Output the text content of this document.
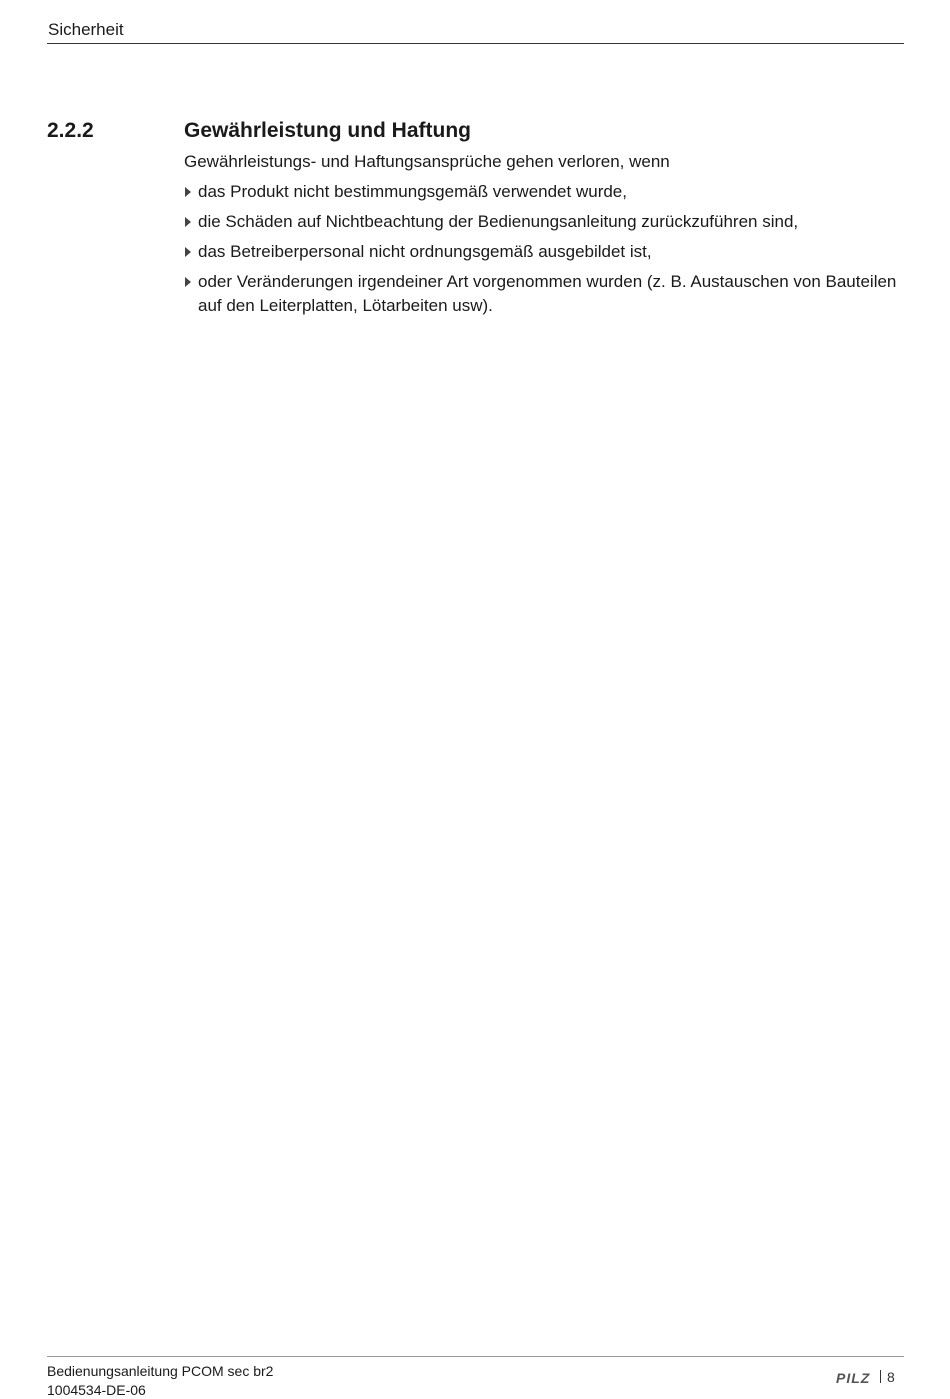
Sicherheit
2.2.2	Gewährleistung und Haftung
Gewährleistungs- und Haftungsansprüche gehen verloren, wenn
das Produkt nicht bestimmungsgemäß verwendet wurde,
die Schäden auf Nichtbeachtung der Bedienungsanleitung zurückzuführen sind,
das Betreiberpersonal nicht ordnungsgemäß ausgebildet ist,
oder Veränderungen irgendeiner Art vorgenommen wurden (z. B. Austauschen von Bauteilen auf den Leiterplatten, Lötarbeiten usw).
Bedienungsanleitung PCOM sec br2
1004534-DE-06
PILZ	8
